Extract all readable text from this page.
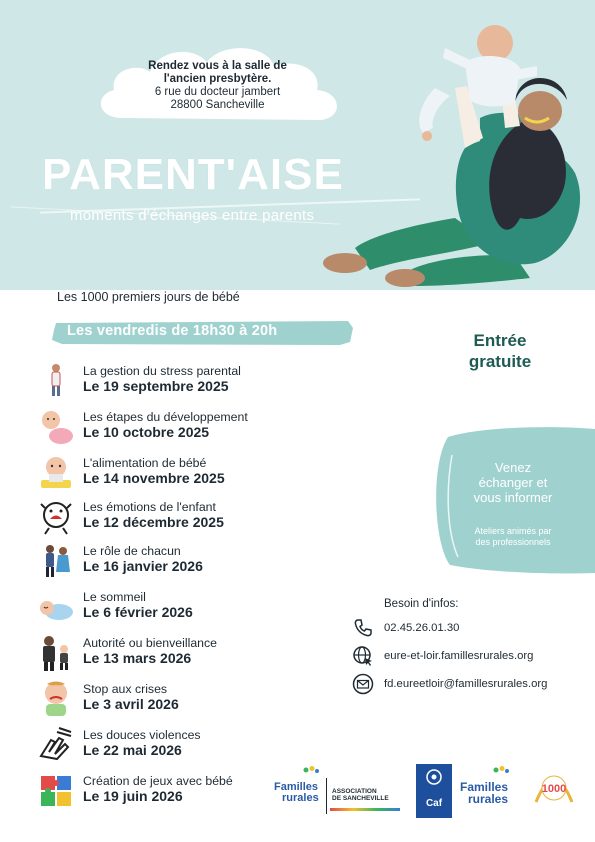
Rendez vous à la salle de
l'ancien presbytère.
6 rue du docteur jambert
28800 Sancheville
PARENT'AISE
moments d'échanges entre parents
Les 1000 premiers jours de bébé
Les vendredis de 18h30 à 20h	Entrée
gratuite
La gestion du stress parental
Le 19 septembre 2025
Les étapes du développement
Le 10 octobre 2025
L'alimentation de bébé
Le 14 novembre 2025
Les émotions de l'enfant
Le 12 décembre 2025
Le rôle de chacun
Le 16 janvier 2026
Le sommeil
Le 6 février 2026
Autorité ou bienveillance
Le 13 mars 2026
Stop aux crises
Le 3 avril 2026
Les douces violences
Le 22 mai 2026
Création de jeux avec bébé
Le 19 juin 2026
Venez
échanger et
vous informer
Ateliers animés par
des professionnels
Besoin d'infos:
02.45.26.01.30
eure-et-loir.famillesrurales.org
fd.eureetloir@famillesrurales.org
Familles
rurales
ASSOCIATION
DE SANCHEVILLE	Caf
Familles
rurales
1000
